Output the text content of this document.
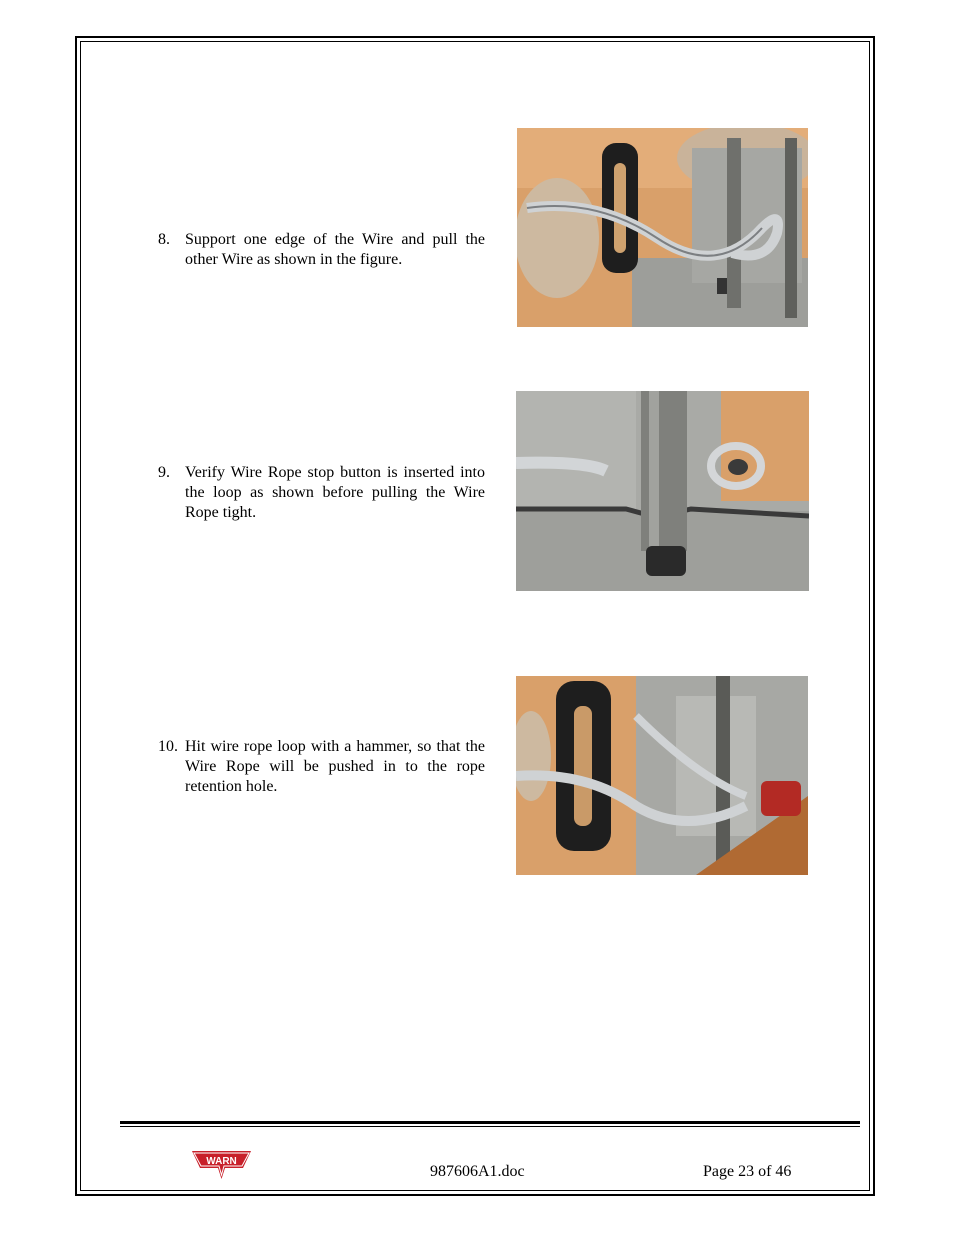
8. Support one edge of the Wire and pull the other Wire as shown in the figure.
9. Verify Wire Rope stop button is inserted into the loop as shown before pulling the Wire Rope tight.
10. Hit wire rope loop with a hammer, so that the Wire Rope will be pushed in to the rope retention hole.
WARN
987606A1.doc	Page 23 of 46
